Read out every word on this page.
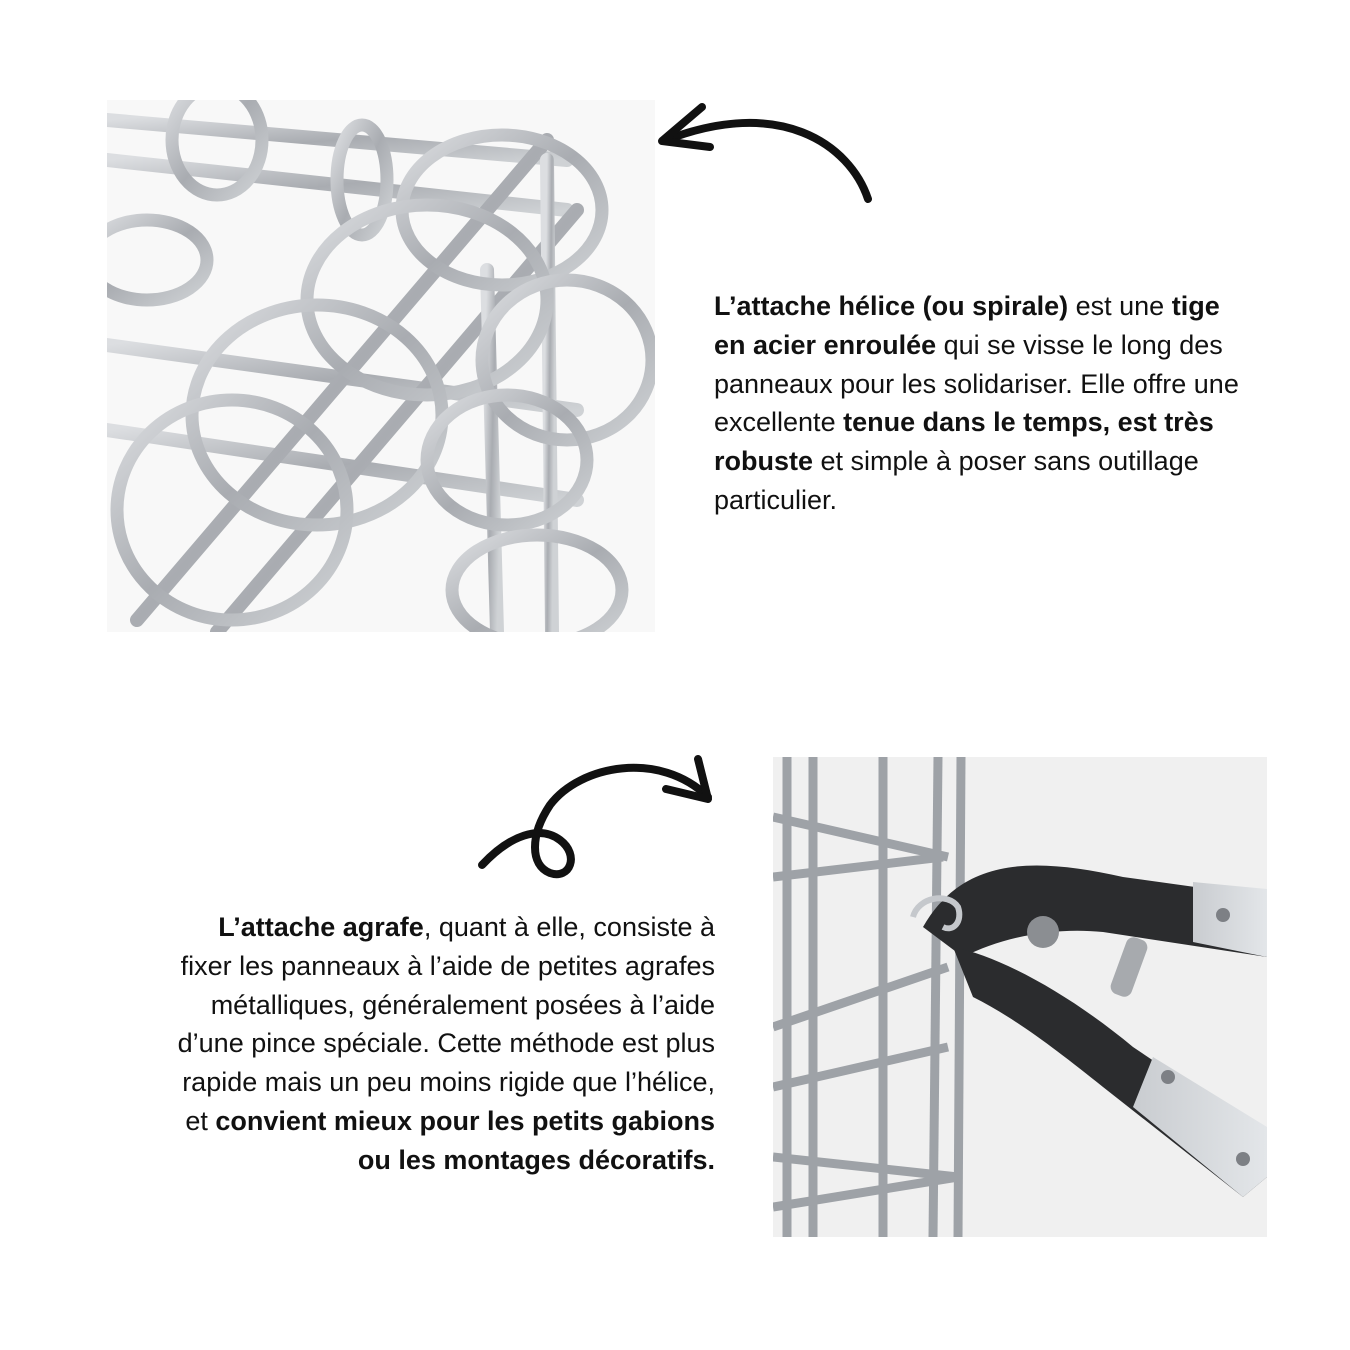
L’attache hélice (ou spirale) est une tige en acier enroulée qui se visse le long des panneaux pour les solidariser. Elle offre une excellente tenue dans le temps, est très robuste et simple à poser sans outillage particulier.

L’attache agrafe, quant à elle, consiste à fixer les panneaux à l’aide de petites agrafes métalliques, généralement posées à l’aide d’une pince spéciale. Cette méthode est plus rapide mais un peu moins rigide que l’hélice, et convient mieux pour les petits gabions ou les montages décoratifs.
